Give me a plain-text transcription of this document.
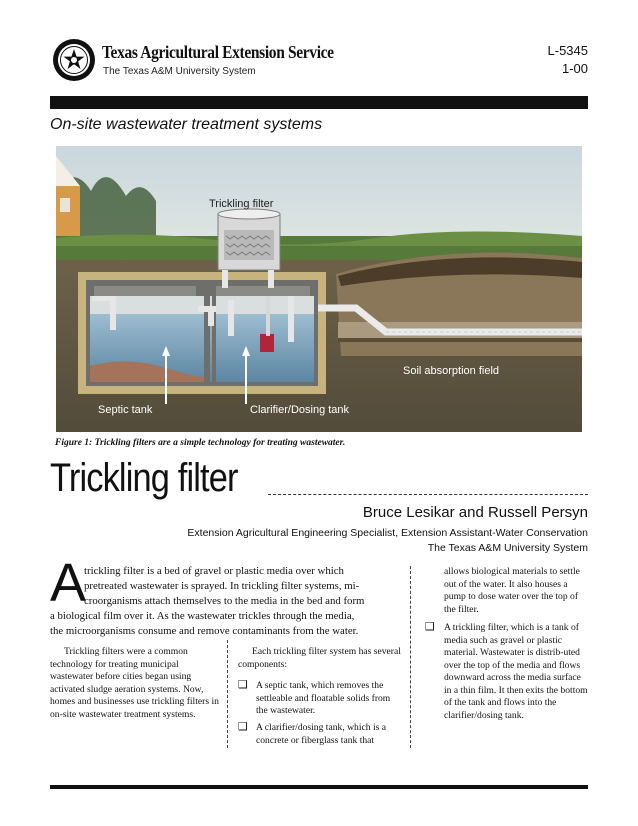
Texas Agricultural Extension Service
The Texas A&M University System
L-5345
1-00
On-site wastewater treatment systems
Trickling filter
Soil absorption field
Septic tank	Clarifier/Dosing tank
Figure 1: Trickling filters are a simple technology for treating wastewater.
Trickling filter
Bruce Lesikar and Russell Persyn
Extension Agricultural Engineering Specialist, Extension Assistant-Water Conservation
The Texas A&M University System
A
trickling filter is a bed of gravel or plastic media over which
pretreated wastewater is sprayed. In trickling filter systems, mi-
croorganisms attach themselves to the media in the bed and form
a biological film over it. As the wastewater trickles through the media,
the microorganisms consume and remove contaminants from the water.

Trickling filters were a common technology for treating municipal wastewater before cities began using activated sludge aeration systems. Now, homes and businesses use trickling filters in on-site wastewater treatment systems.

Each trickling filter system has several components:

❑ A septic tank, which removes the settleable and floatable solids from the wastewater.

❑ A clarifier/dosing tank, which is a concrete or fiberglass tank that

allows biological materials to settle out of the water. It also houses a pump to dose water over the top of the filter.

❑ A trickling filter, which is a tank of media such as gravel or plastic material. Wastewater is distrib-uted over the top of the media and flows downward across the media surface in a thin film. It then exits the bottom of the tank and flows into the clarifier/dosing tank.
